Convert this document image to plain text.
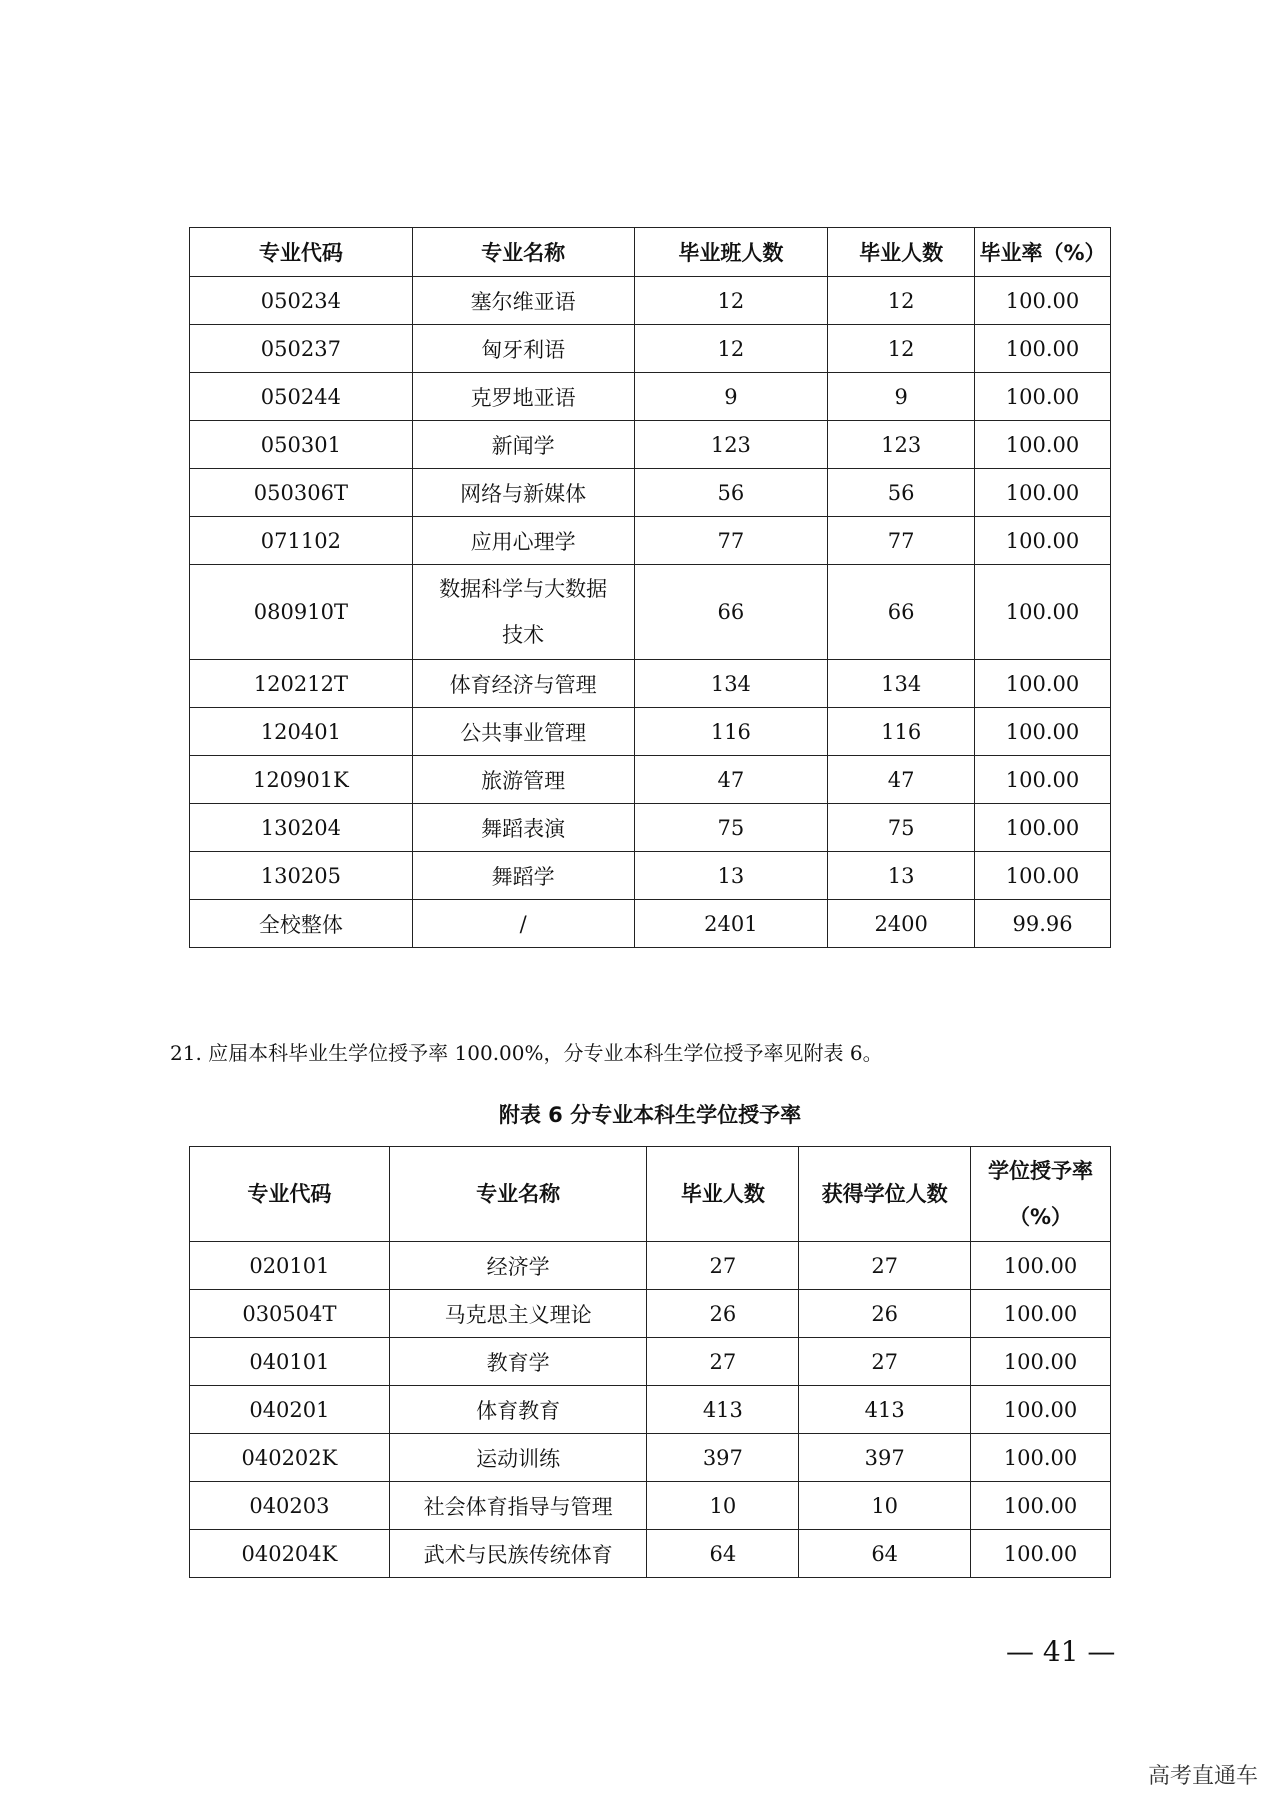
专业代码	专业名称	毕业班人数	毕业人数	毕业率（%）
050234	塞尔维亚语	12	12	100.00
050237	匈牙利语	12	12	100.00
050244	克罗地亚语	9	9	100.00
050301	新闻学	123	123	100.00
050306T	网络与新媒体	56	56	100.00
071102	应用心理学	77	77	100.00
080910T	数据科学与大数据技术	66	66	100.00
120212T	体育经济与管理	134	134	100.00
120401	公共事业管理	116	116	100.00
120901K	旅游管理	47	47	100.00
130204	舞蹈表演	75	75	100.00
130205	舞蹈学	13	13	100.00
全校整体	/	2401	2400	99.96
21. 应届本科毕业生学位授予率 100.00%，分专业本科生学位授予率见附表 6。
附表 6 分专业本科生学位授予率
专业代码	专业名称	毕业人数	获得学位人数	学位授予率（%）
020101	经济学	27	27	100.00
030504T	马克思主义理论	26	26	100.00
040101	教育学	27	27	100.00
040201	体育教育	413	413	100.00
040202K	运动训练	397	397	100.00
040203	社会体育指导与管理	10	10	100.00
040204K	武术与民族传统体育	64	64	100.00
— 41 —
高考直通车
